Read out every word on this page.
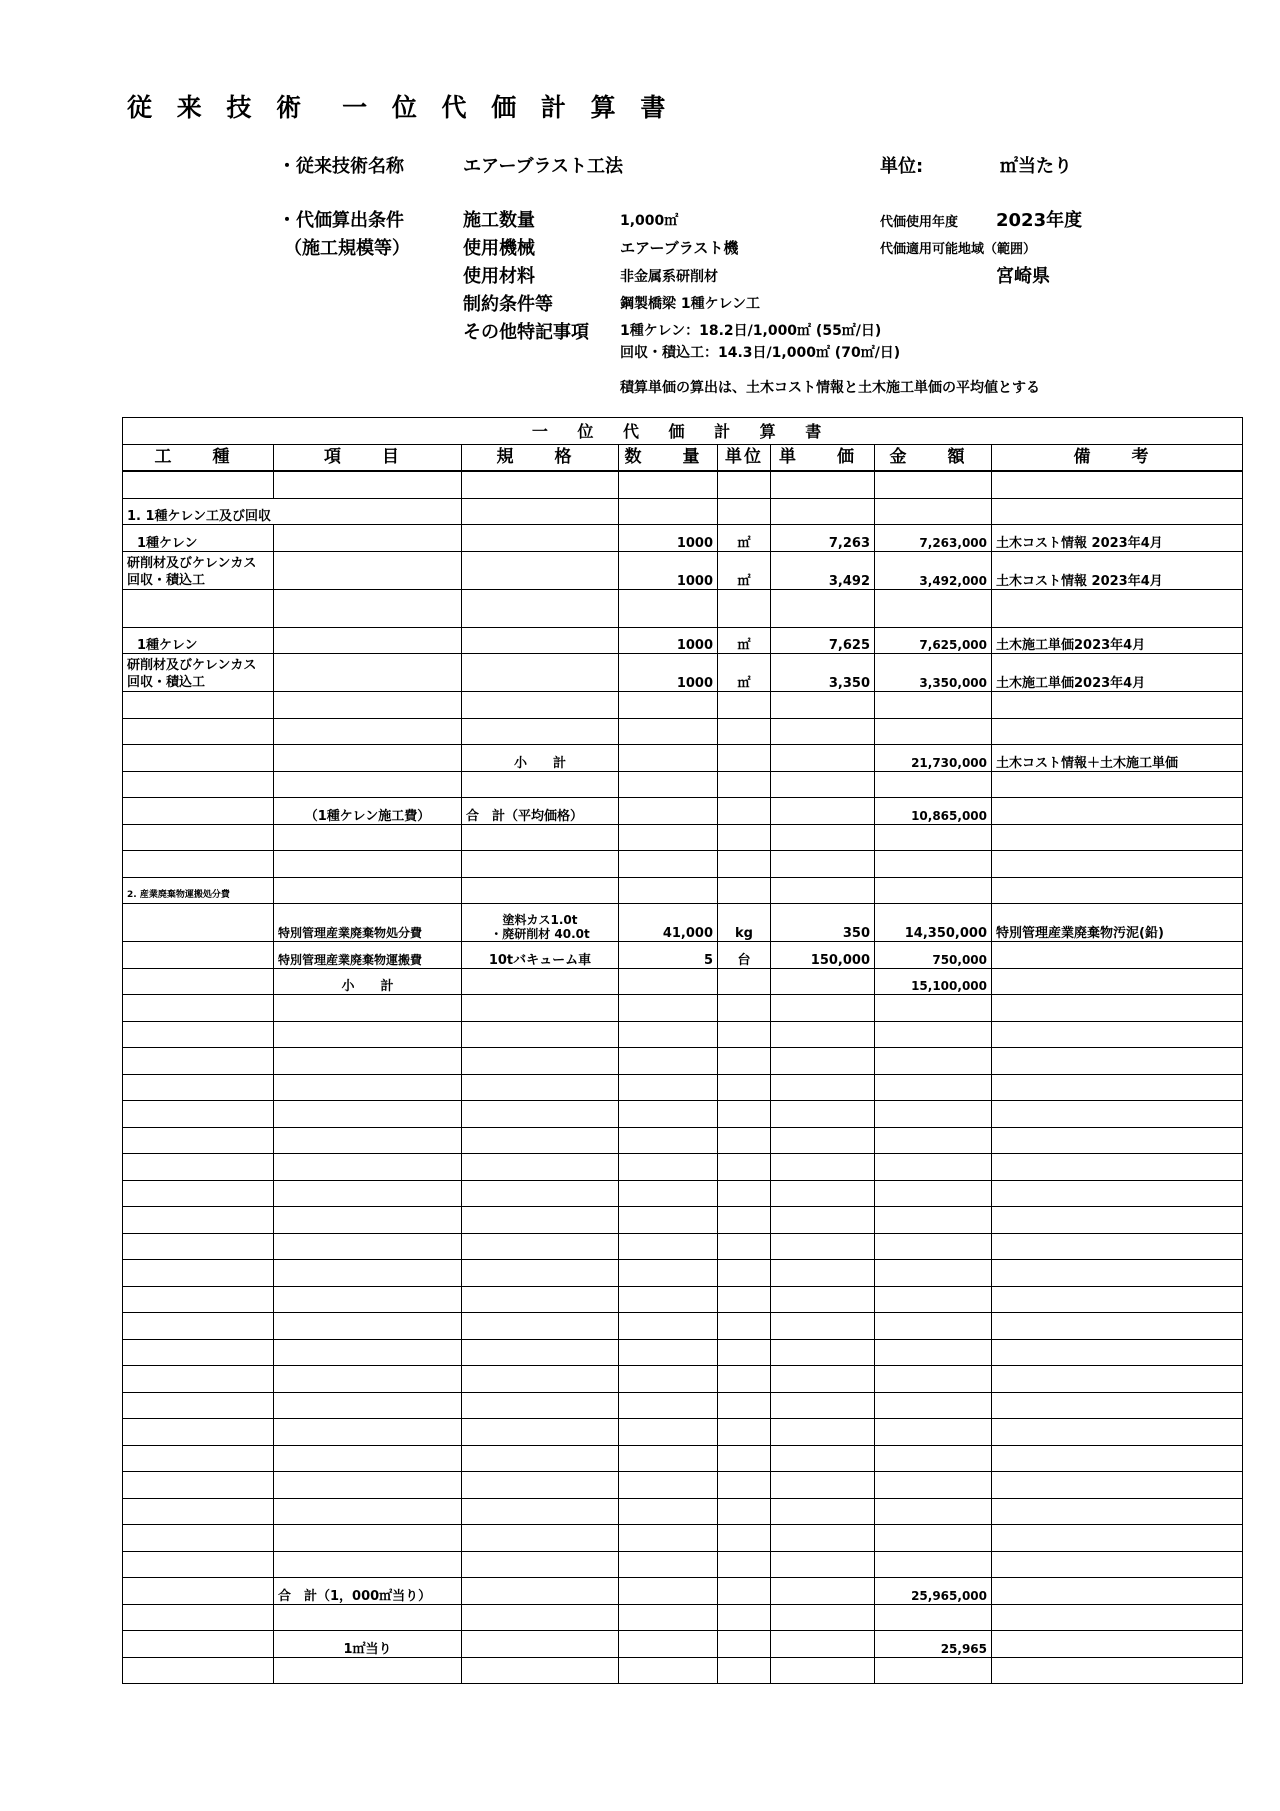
従 来 技 術　一 位 代 価 計 算 書
・従来技術名称	エアーブラスト工法	単位:	㎡当たり
・代価算出条件
（施工規模等）
施工数量	1,000㎡
使用機械	エアーブラスト機
使用材料	非金属系研削材
制約条件等	鋼製橋梁 1種ケレン工
その他特記事項 1種ケレン：18.2日/1,000㎡ (55㎡/日)
回収・積込工：14.3日/1,000㎡ (70㎡/日)
積算単価の算出は、土木コスト情報と土木施工単価の平均値とする
代価使用年度 2023年度
代価適用可能地域（範囲）
宮崎県
一 位 代 価 計 算 書							
工　種	項　目	規　格	数　量	単位	単　価	金　額	備　考

1. 1種ケレン工及び回収							
1種ケレン			1000	㎡	7,263	7,263,000	土木コスト情報 2023年4月
研削材及びケレンカス回収・積込工			1000	㎡	3,492	3,492,000	土木コスト情報 2023年4月

1種ケレン			1000	㎡	7,625	7,625,000	土木施工単価2023年4月
研削材及びケレンカス回収・積込工			1000	㎡	3,350	3,350,000	土木施工単価2023年4月

		小　　計				21,730,000	土木コスト情報＋土木施工単価

	（1種ケレン施工費）	合　計（平均価格）				10,865,000	

2. 産業廃棄物運搬処分費							
	特別管理産業廃棄物処分費	塗料カス1.0t
・廃研削材 40.0t	41,000	kg	350	14,350,000	特別管理産業廃棄物汚泥(鉛)
	特別管理産業廃棄物運搬費	10tバキューム車	5	台	150,000	750,000	
	小　　計					15,100,000	

	合　計（1，000㎡当り）					25,965,000	

	1㎡当り					25,965	
